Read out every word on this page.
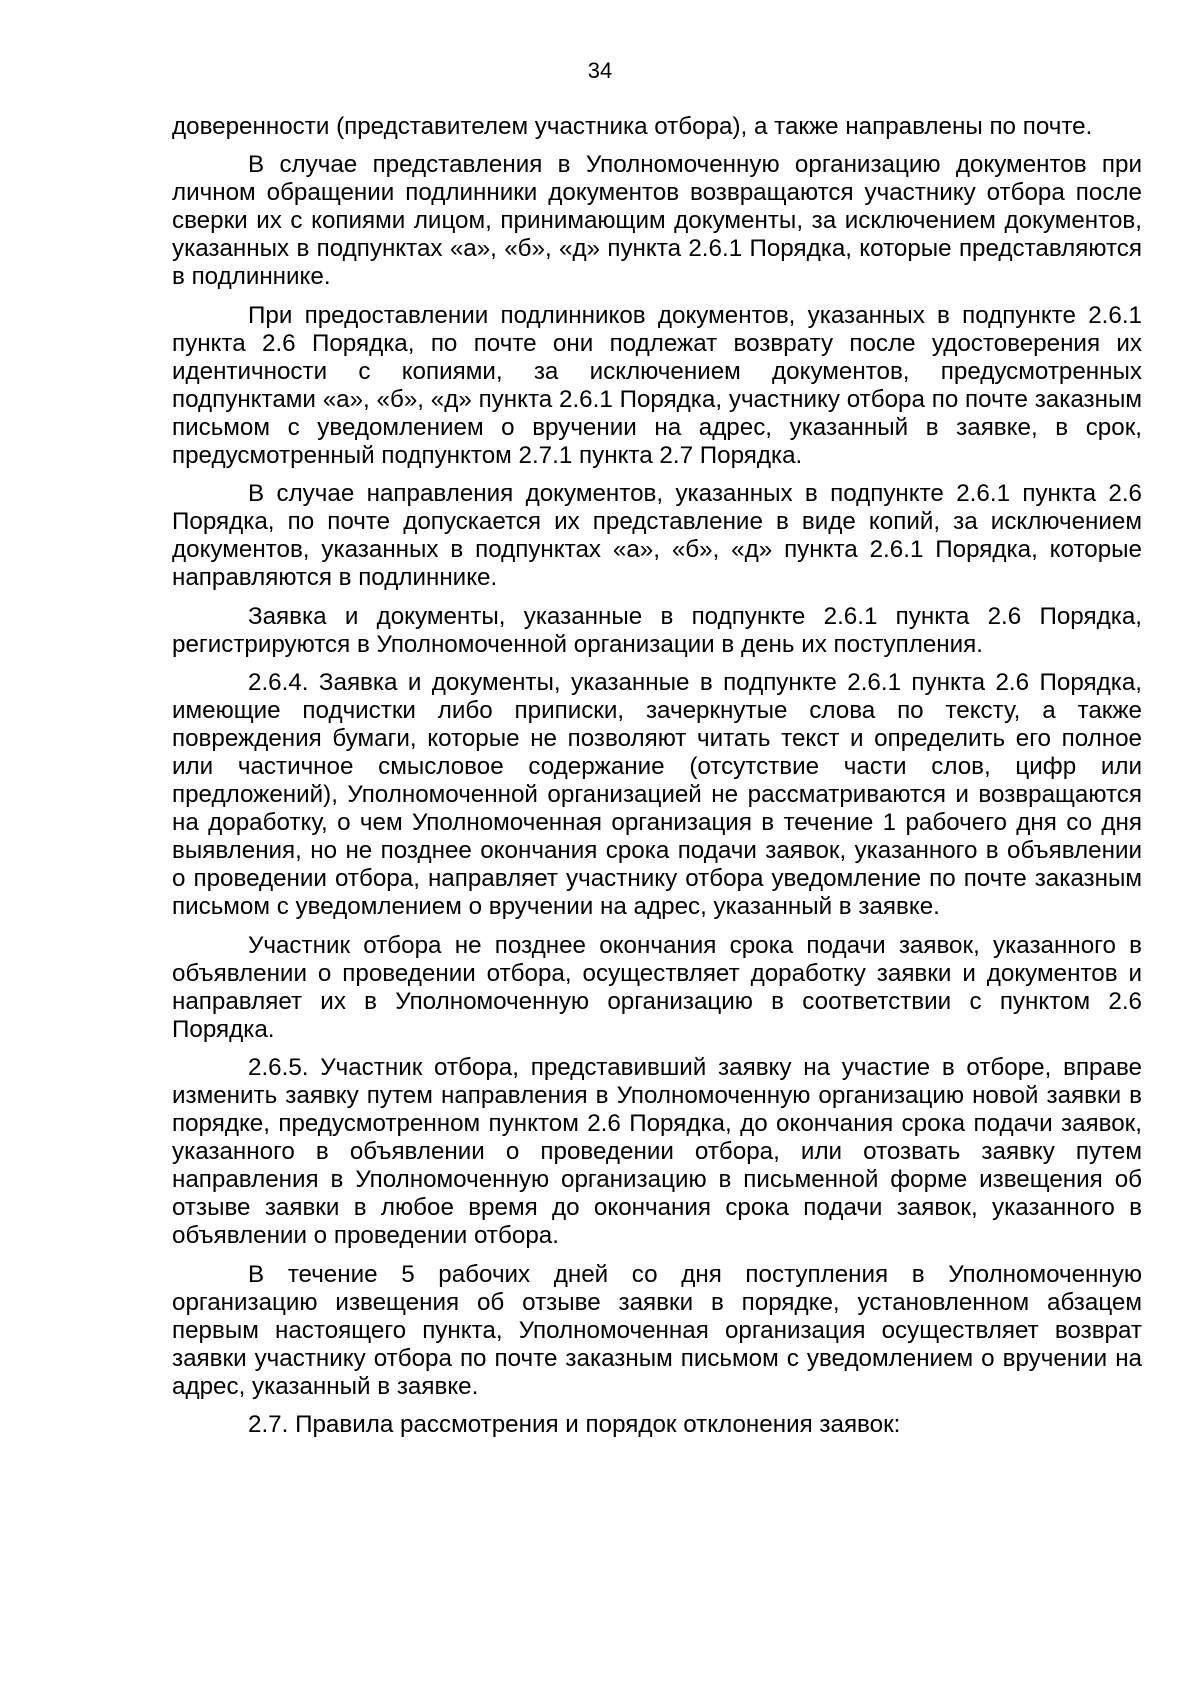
34

доверенности (представителем участника отбора), а также направлены по почте.

В случае представления в Уполномоченную организацию документов при личном обращении подлинники документов возвращаются участнику отбора после сверки их с копиями лицом, принимающим документы, за исключением документов, указанных в подпунктах «а», «б», «д» пункта 2.6.1 Порядка, которые представляются в подлиннике.

При предоставлении подлинников документов, указанных в подпункте 2.6.1 пункта 2.6 Порядка, по почте они подлежат возврату после удостоверения их идентичности с копиями, за исключением документов, предусмотренных подпунктами «а», «б», «д» пункта 2.6.1 Порядка, участнику отбора по почте заказным письмом с уведомлением о вручении на адрес, указанный в заявке, в срок, предусмотренный подпунктом 2.7.1 пункта 2.7 Порядка.

В случае направления документов, указанных в подпункте 2.6.1 пункта 2.6 Порядка, по почте допускается их представление в виде копий, за исключением документов, указанных в подпунктах «а», «б», «д» пункта 2.6.1 Порядка, которые направляются в подлиннике.

Заявка и документы, указанные в подпункте 2.6.1 пункта 2.6 Порядка, регистрируются в Уполномоченной организации в день их поступления.

2.6.4. Заявка и документы, указанные в подпункте 2.6.1 пункта 2.6 Порядка, имеющие подчистки либо приписки, зачеркнутые слова по тексту, а также повреждения бумаги, которые не позволяют читать текст и определить его полное или частичное смысловое содержание (отсутствие части слов, цифр или предложений), Уполномоченной организацией не рассматриваются и возвращаются на доработку, о чем Уполномоченная организация в течение 1 рабочего дня со дня выявления, но не позднее окончания срока подачи заявок, указанного в объявлении о проведении отбора, направляет участнику отбора уведомление по почте заказным письмом с уведомлением о вручении на адрес, указанный в заявке.

Участник отбора не позднее окончания срока подачи заявок, указанного в объявлении о проведении отбора, осуществляет доработку заявки и документов и направляет их в Уполномоченную организацию в соответствии с пунктом 2.6 Порядка.

2.6.5. Участник отбора, представивший заявку на участие в отборе, вправе изменить заявку путем направления в Уполномоченную организацию новой заявки в порядке, предусмотренном пунктом 2.6 Порядка, до окончания срока подачи заявок, указанного в объявлении о проведении отбора, или отозвать заявку путем направления в Уполномоченную организацию в письменной форме извещения об отзыве заявки в любое время до окончания срока подачи заявок, указанного в объявлении о проведении отбора.

В течение 5 рабочих дней со дня поступления в Уполномоченную организацию извещения об отзыве заявки в порядке, установленном абзацем первым настоящего пункта, Уполномоченная организация осуществляет возврат заявки участнику отбора по почте заказным письмом с уведомлением о вручении на адрес, указанный в заявке.

2.7. Правила рассмотрения и порядок отклонения заявок:
